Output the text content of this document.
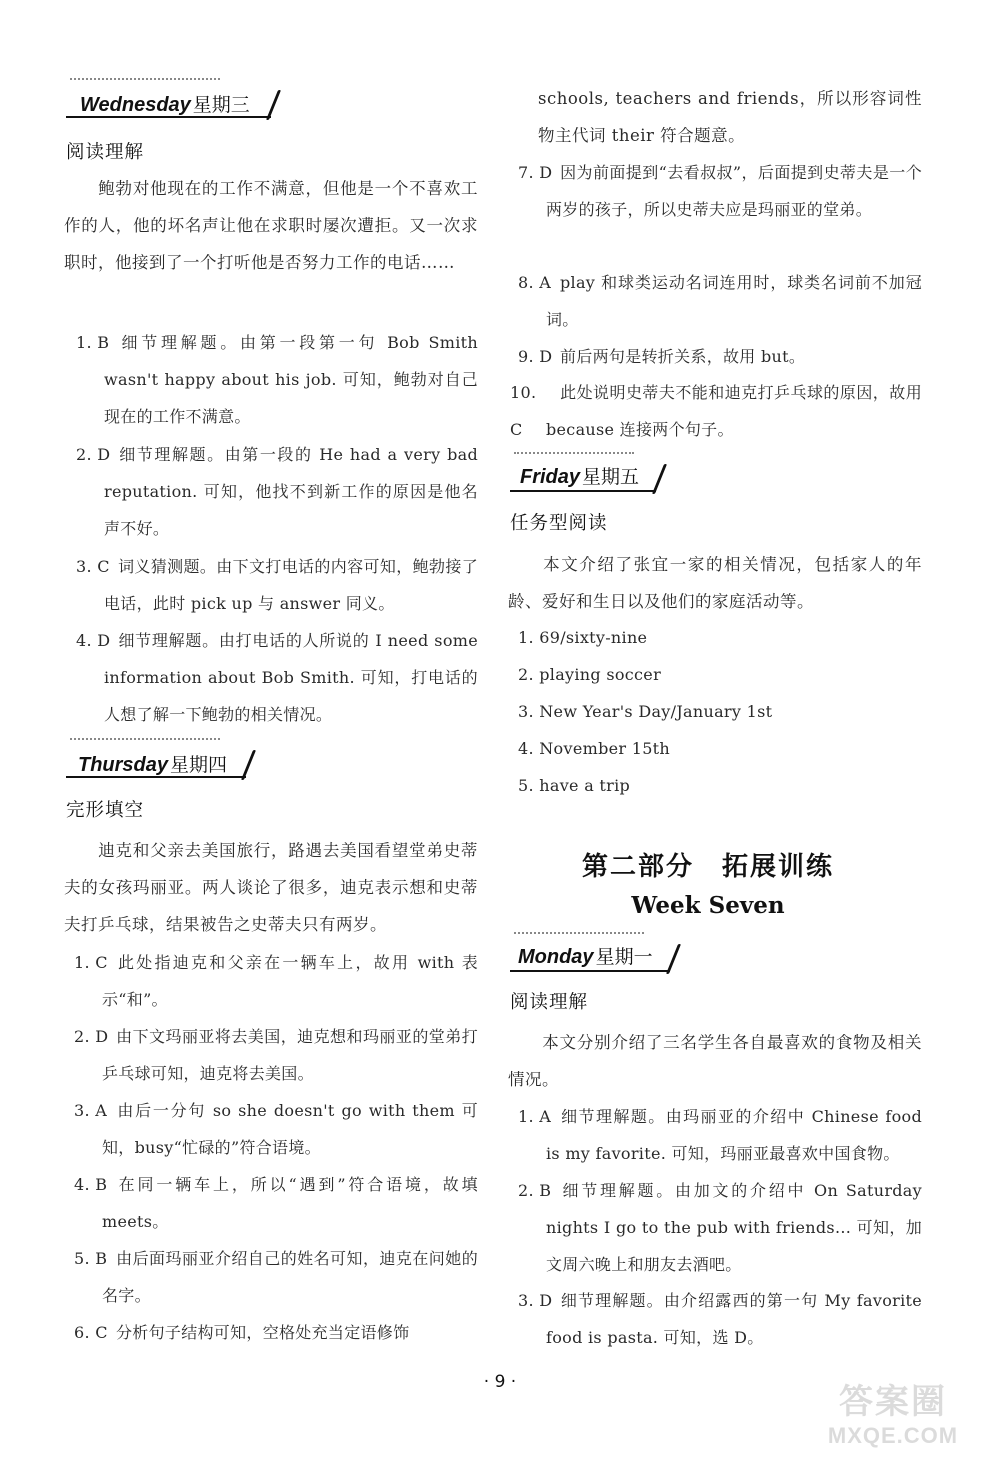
Wednesday 星期三
阅读理解
鲍勃对他现在的工作不满意，但他是一个不喜欢工作的人，他的坏名声让他在求职时屡次遭拒。又一次求职时，他接到了一个打听他是否努力工作的电话……
1. B 细节理解题。由第一段第一句 Bob Smith wasn't happy about his job. 可知，鲍勃对自己现在的工作不满意。
2. D 细节理解题。由第一段的 He had a very bad reputation. 可知，他找不到新工作的原因是他名声不好。
3. C 词义猜测题。由下文打电话的内容可知，鲍勃接了电话，此时 pick up 与 answer 同义。
4. D 细节理解题。由打电话的人所说的 I need some information about Bob Smith. 可知，打电话的人想了解一下鲍勃的相关情况。
Thursday 星期四
完形填空
迪克和父亲去美国旅行，路遇去美国看望堂弟史蒂夫的女孩玛丽亚。两人谈论了很多，迪克表示想和史蒂夫打乒乓球，结果被告之史蒂夫只有两岁。
1. C 此处指迪克和父亲在一辆车上，故用 with 表示“和”。
2. D 由下文玛丽亚将去美国，迪克想和玛丽亚的堂弟打乒乓球可知，迪克将去美国。
3. A 由后一分句 so she doesn't go with them 可知，busy“忙碌的”符合语境。
4. B 在同一辆车上，所以“遇到”符合语境，故填 meets。
5. B 由后面玛丽亚介绍自己的姓名可知，迪克在问她的名字。
6. C 分析句子结构可知，空格处充当定语修饰
schools, teachers and friends，所以形容词性物主代词 their 符合题意。
7. D 因为前面提到“去看叔叔”，后面提到史蒂夫是一个两岁的孩子，所以史蒂夫应是玛丽亚的堂弟。
8. A play 和球类运动名词连用时，球类名词前不加冠词。
9. D 前后两句是转折关系，故用 but。
10. C
此处说明史蒂夫不能和迪克打乒乓球的原因，故用 because 连接两个句子。
Friday 星期五
任务型阅读
本文介绍了张宜一家的相关情况，包括家人的年龄、爱好和生日以及他们的家庭活动等。
1. 69/sixty-nine
2. playing soccer
3. New Year's Day/January 1st
4. November 15th
5. have a trip
第二部分　拓展训练
Week Seven
Monday 星期一
阅读理解
本文分别介绍了三名学生各自最喜欢的食物及相关情况。
1. A 细节理解题。由玛丽亚的介绍中 Chinese food is my favorite. 可知，玛丽亚最喜欢中国食物。
2. B 细节理解题。由加文的介绍中 On Saturday nights I go to the pub with friends... 可知，加文周六晚上和朋友去酒吧。
3. D 细节理解题。由介绍露西的第一句 My favorite food is pasta. 可知，选 D。
· 9 ·	答案圈
MXQE.COM
